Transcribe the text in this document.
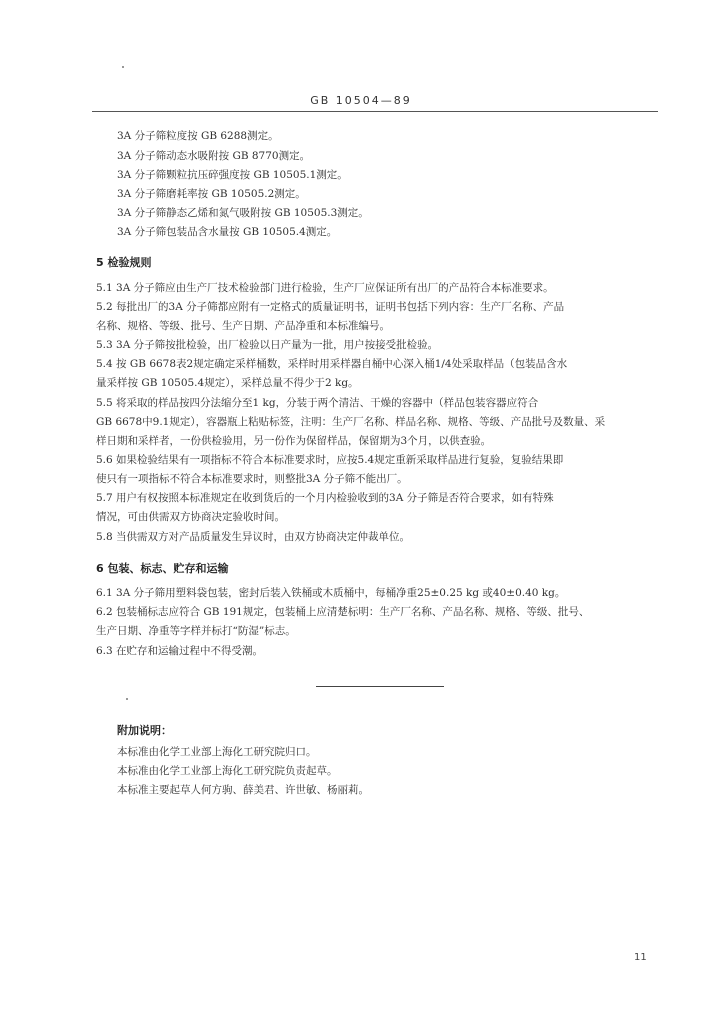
GB 10504—89
3A 分子筛粒度按 GB 6288测定。
3A 分子筛动态水吸附按 GB 8770测定。
3A 分子筛颗粒抗压碎强度按 GB 10505.1测定。
3A 分子筛磨耗率按 GB 10505.2测定。
3A 分子筛静态乙烯和氮气吸附按 GB 10505.3测定。
3A 分子筛包装品含水量按 GB 10505.4测定。
5 检验规则
5.1 3A 分子筛应由生产厂技术检验部门进行检验，生产厂应保证所有出厂的产品符合本标准要求。
5.2 每批出厂的3A 分子筛都应附有一定格式的质量证明书，证明书包括下列内容：生产厂名称、产品
名称、规格、等级、批号、生产日期、产品净重和本标准编号。
5.3 3A 分子筛按批检验，出厂检验以日产量为一批，用户按接受批检验。
5.4 按 GB 6678表2规定确定采样桶数，采样时用采样器自桶中心深入桶1/4处采取样品（包装品含水
量采样按 GB 10505.4规定），采样总量不得少于2 kg。
5.5 将采取的样品按四分法缩分至1 kg，分装于两个清洁、干燥的容器中（样品包装容器应符合
GB 6678中9.1规定），容器瓶上粘贴标签，注明：生产厂名称、样品名称、规格、等级、产品批号及数量、采
样日期和采样者，一份供检验用，另一份作为保留样品，保留期为3个月，以供查验。
5.6 如果检验结果有一项指标不符合本标准要求时，应按5.4规定重新采取样品进行复验，复验结果即
使只有一项指标不符合本标准要求时，则整批3A 分子筛不能出厂。
5.7 用户有权按照本标准规定在收到货后的一个月内检验收到的3A 分子筛是否符合要求，如有特殊
情况，可由供需双方协商决定验收时间。
5.8 当供需双方对产品质量发生异议时，由双方协商决定仲裁单位。
6 包装、标志、贮存和运输
6.1 3A 分子筛用塑料袋包装，密封后装入铁桶或木质桶中，每桶净重25±0.25 kg 或40±0.40 kg。
6.2 包装桶标志应符合 GB 191规定，包装桶上应清楚标明：生产厂名称、产品名称、规格、等级、批号、
生产日期、净重等字样并标打“防湿”标志。
6.3 在贮存和运输过程中不得受潮。
附加说明：
本标准由化学工业部上海化工研究院归口。
本标准由化学工业部上海化工研究院负责起草。
本标准主要起草人何方驹、薛美君、许世敏、杨丽莉。
11
